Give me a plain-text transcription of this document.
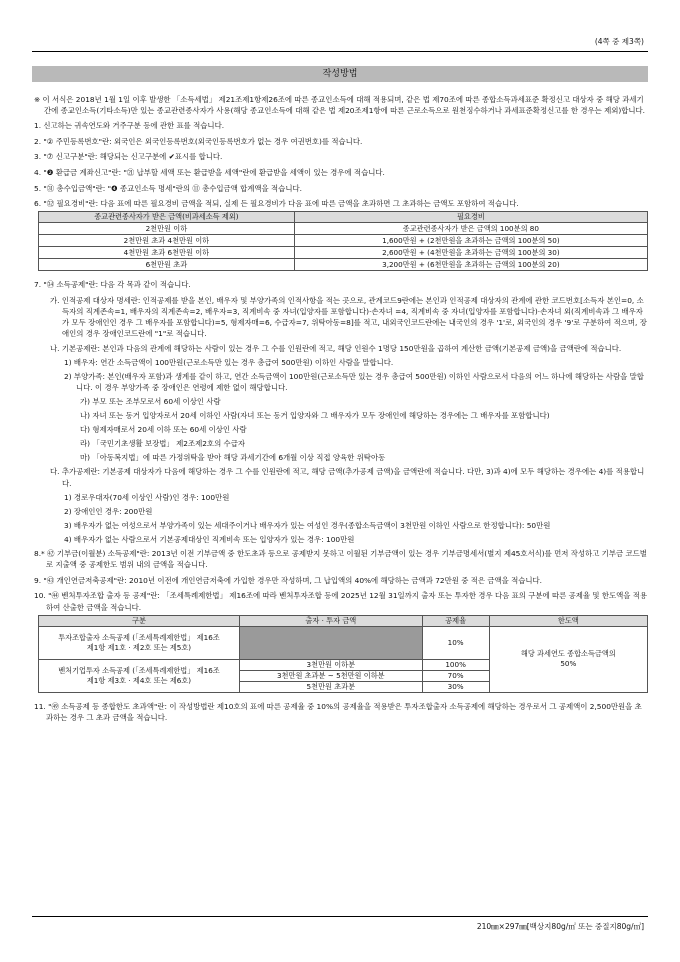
(4쪽 중 제3쪽)
작성방법

※ 이 서식은 2018년 1월 1일 이후 발생한 「소득세법」 제21조제1항제26조에 따른 종교인소득에 대해 적용되며, 같은 법 제70조에 따른 종합소득과세표준 확정신고 대상자 중 해당 과세기간에 종교인소득(기타소득)만 있는 종교관련종사자가 사용(해당 종교인소득에 대해 같은 법 제20조제1항에 따른 근로소득으로 원천징수하거나 과세표준확정신고를 한 경우는 제외)합니다.

1. 신고하는 귀속연도와 거주구분 등에 관한 표를 적습니다.

2. "② 주민등록번호"란: 외국인은 외국인등록번호(외국인등록번호가 없는 경우 여권번호)를 적습니다.

3. "⑦ 신고구분"란: 해당되는 신고구분에 ✔표시를 합니다.

4. "❷ 환급금 계좌신고"란: "㉑ 납부할 세액 또는 환급받을 세액"란에 환급받을 세액이 있는 경우에 적습니다.

5. "㉛ 총수입금액"란: "❹ 종교인소득 명세"란의 ⑪ 총수입금액 합계액을 적습니다.

6. "㉜ 필요경비"란: 다음 표에 따른 필요경비 금액을 적되, 실제 든 필요경비가 다음 표에 따른 금액을 초과하면 그 초과하는 금액도 포함하여 적습니다.

종교관련종사자가 받은 금액(비과세소득 제외)	필요경비
2천만원 이하	종교관련종사자가 받은 금액의 100분의 80
2천만원 초과 4천만원 이하	1,600만원 + (2천만원을 초과하는 금액의 100분의 50)
4천만원 초과 6천만원 이하	2,600만원 + (4천만원을 초과하는 금액의 100분의 30)
6천만원 초과	3,200만원 + (6천만원을 초과하는 금액의 100분의 20)

7. "㉞ 소득공제"란: 다음 각 목과 같이 적습니다.

가. 인적공제 대상자 명세란: 인적공제를 받을 본인, 배우자 및 부양가족의 인적사항을 적는 곳으로, 관계코드9란에는 본인과 인적공제 대상자의 관계에 관한 코드번호[소득자 본인=0, 소득자의 직계존속=1, 배우자의 직계존속=2, 배우자=3, 직계비속 중 자녀(입양자를 포함합니다)·손자녀 =4, 직계비속 중 자녀(입양자를 포함합니다)·손자녀 외(직계비속과 그 배우자가 모두 장애인인 경우 그 배우자를 포함합니다)=5, 형제자매=6, 수급자=7, 위탁아동=8]를 적고, 내외국인코드란에는 내국인의 경우 '1'로, 외국인의 경우 '9'로 구분하여 적으며, 장애인의 경우 장애인코드란에 "1"로 적습니다.

나. 기본공제란: 본인과 다음의 관계에 해당하는 사람이 있는 경우 그 수를 인원란에 적고, 해당 인원수 1명당 150만원을 곱하여 계산한 금액(기본공제 금액)을 금액란에 적습니다.

1) 배우자: 연간 소득금액이 100만원(근로소득만 있는 경우 총급여 500만원) 이하인 사람을 말합니다.

2) 부양가족: 본인(배우자 포함)과 생계를 같이 하고, 연간 소득금액이 100만원(근로소득만 있는 경우 총급여 500만원) 이하인 사람으로서 다음의 어느 하나에 해당하는 사람을 말합니다. 이 경우 부양가족 중 장애인은 연령에 제한 없이 해당합니다.

가) 부모 또는 조부모로서 60세 이상인 사람

나) 자녀 또는 동거 입양자로서 20세 이하인 사람(자녀 또는 동거 입양자와 그 배우자가 모두 장애인에 해당하는 경우에는 그 배우자를 포함합니다)

다) 형제자매로서 20세 이하 또는 60세 이상인 사람

라) 「국민기초생활 보장법」 제2조제2호의 수급자

마) 「아동복지법」에 따른 가정위탁을 받아 해당 과세기간에 6개월 이상 직접 양육한 위탁아동

다. 추가공제란: 기본공제 대상자가 다음에 해당하는 경우 그 수를 인원란에 적고, 해당 금액(추가공제 금액)을 금액란에 적습니다. 다만, 3)과 4)에 모두 해당하는 경우에는 4)를 적용합니다.

1) 경로우대자(70세 이상인 사람)인 경우: 100만원

2) 장애인인 경우: 200만원

3) 배우자가 없는 여성으로서 부양가족이 있는 세대주이거나 배우자가 있는 여성인 경우(종합소득금액이 3천만원 이하인 사람으로 한정합니다): 50만원

4) 배우자가 없는 사람으로서 기본공제대상인 직계비속 또는 입양자가 있는 경우: 100만원

8.* ㊷ 기부금(이월분) 소득공제"란: 2013년 이전 기부금액 중 한도초과 등으로 공제받지 못하고 이월된 기부금액이 있는 경우 기부금명세서(별지 제45호서식)를 먼저 작성하고 기부금 코드별로 지출액 중 공제한도 범위 내의 금액을 적습니다.

9. "㊸ 개인연금저축공제"란: 2010년 이전에 개인연금저축에 가입한 경우만 작성하며, 그 납입액의 40%에 해당하는 금액과 72만원 중 적은 금액을 적습니다.

10. "㊹ 벤처투자조합 출자 등 공제"란: 「조세특례제한법」 제16조에 따라 벤처투자조합 등에 2025년 12월 31일까지 출자 또는 투자한 경우 다음 표의 구분에 따른 공제율 및 한도액을 적용하여 산출한 금액을 적습니다.

구분	출자 · 투자 금액	공제율	한도액
투자조합출자 소득공제 (「조세특례제한법」 제16조제1항 제1호 · 제2호 또는 제5호)		10%	해당 과세연도 종합소득금액의 50%
벤처기업투자 소득공제 (「조세특례제한법」 제16조제1항 제3호 · 제4호 또는 제6호)	3천만원 이하분	100%	
	3천만원 초과분 ~ 5천만원 이하분	70%	
	5천만원 초과분	30%	

11. "㊾ 소득공제 등 종합한도 초과액"란: 이 작성방법란 제10호의 표에 따른 공제율 중 10%의 공제율을 적용받은 투자조합출자 소득공제에 해당하는 경우로서 그 공제액이 2,500만원을 초과하는 경우 그 초과 금액을 적습니다.

210㎜×297㎜[백상지80g/㎡ 또는 중질지80g/㎡]
